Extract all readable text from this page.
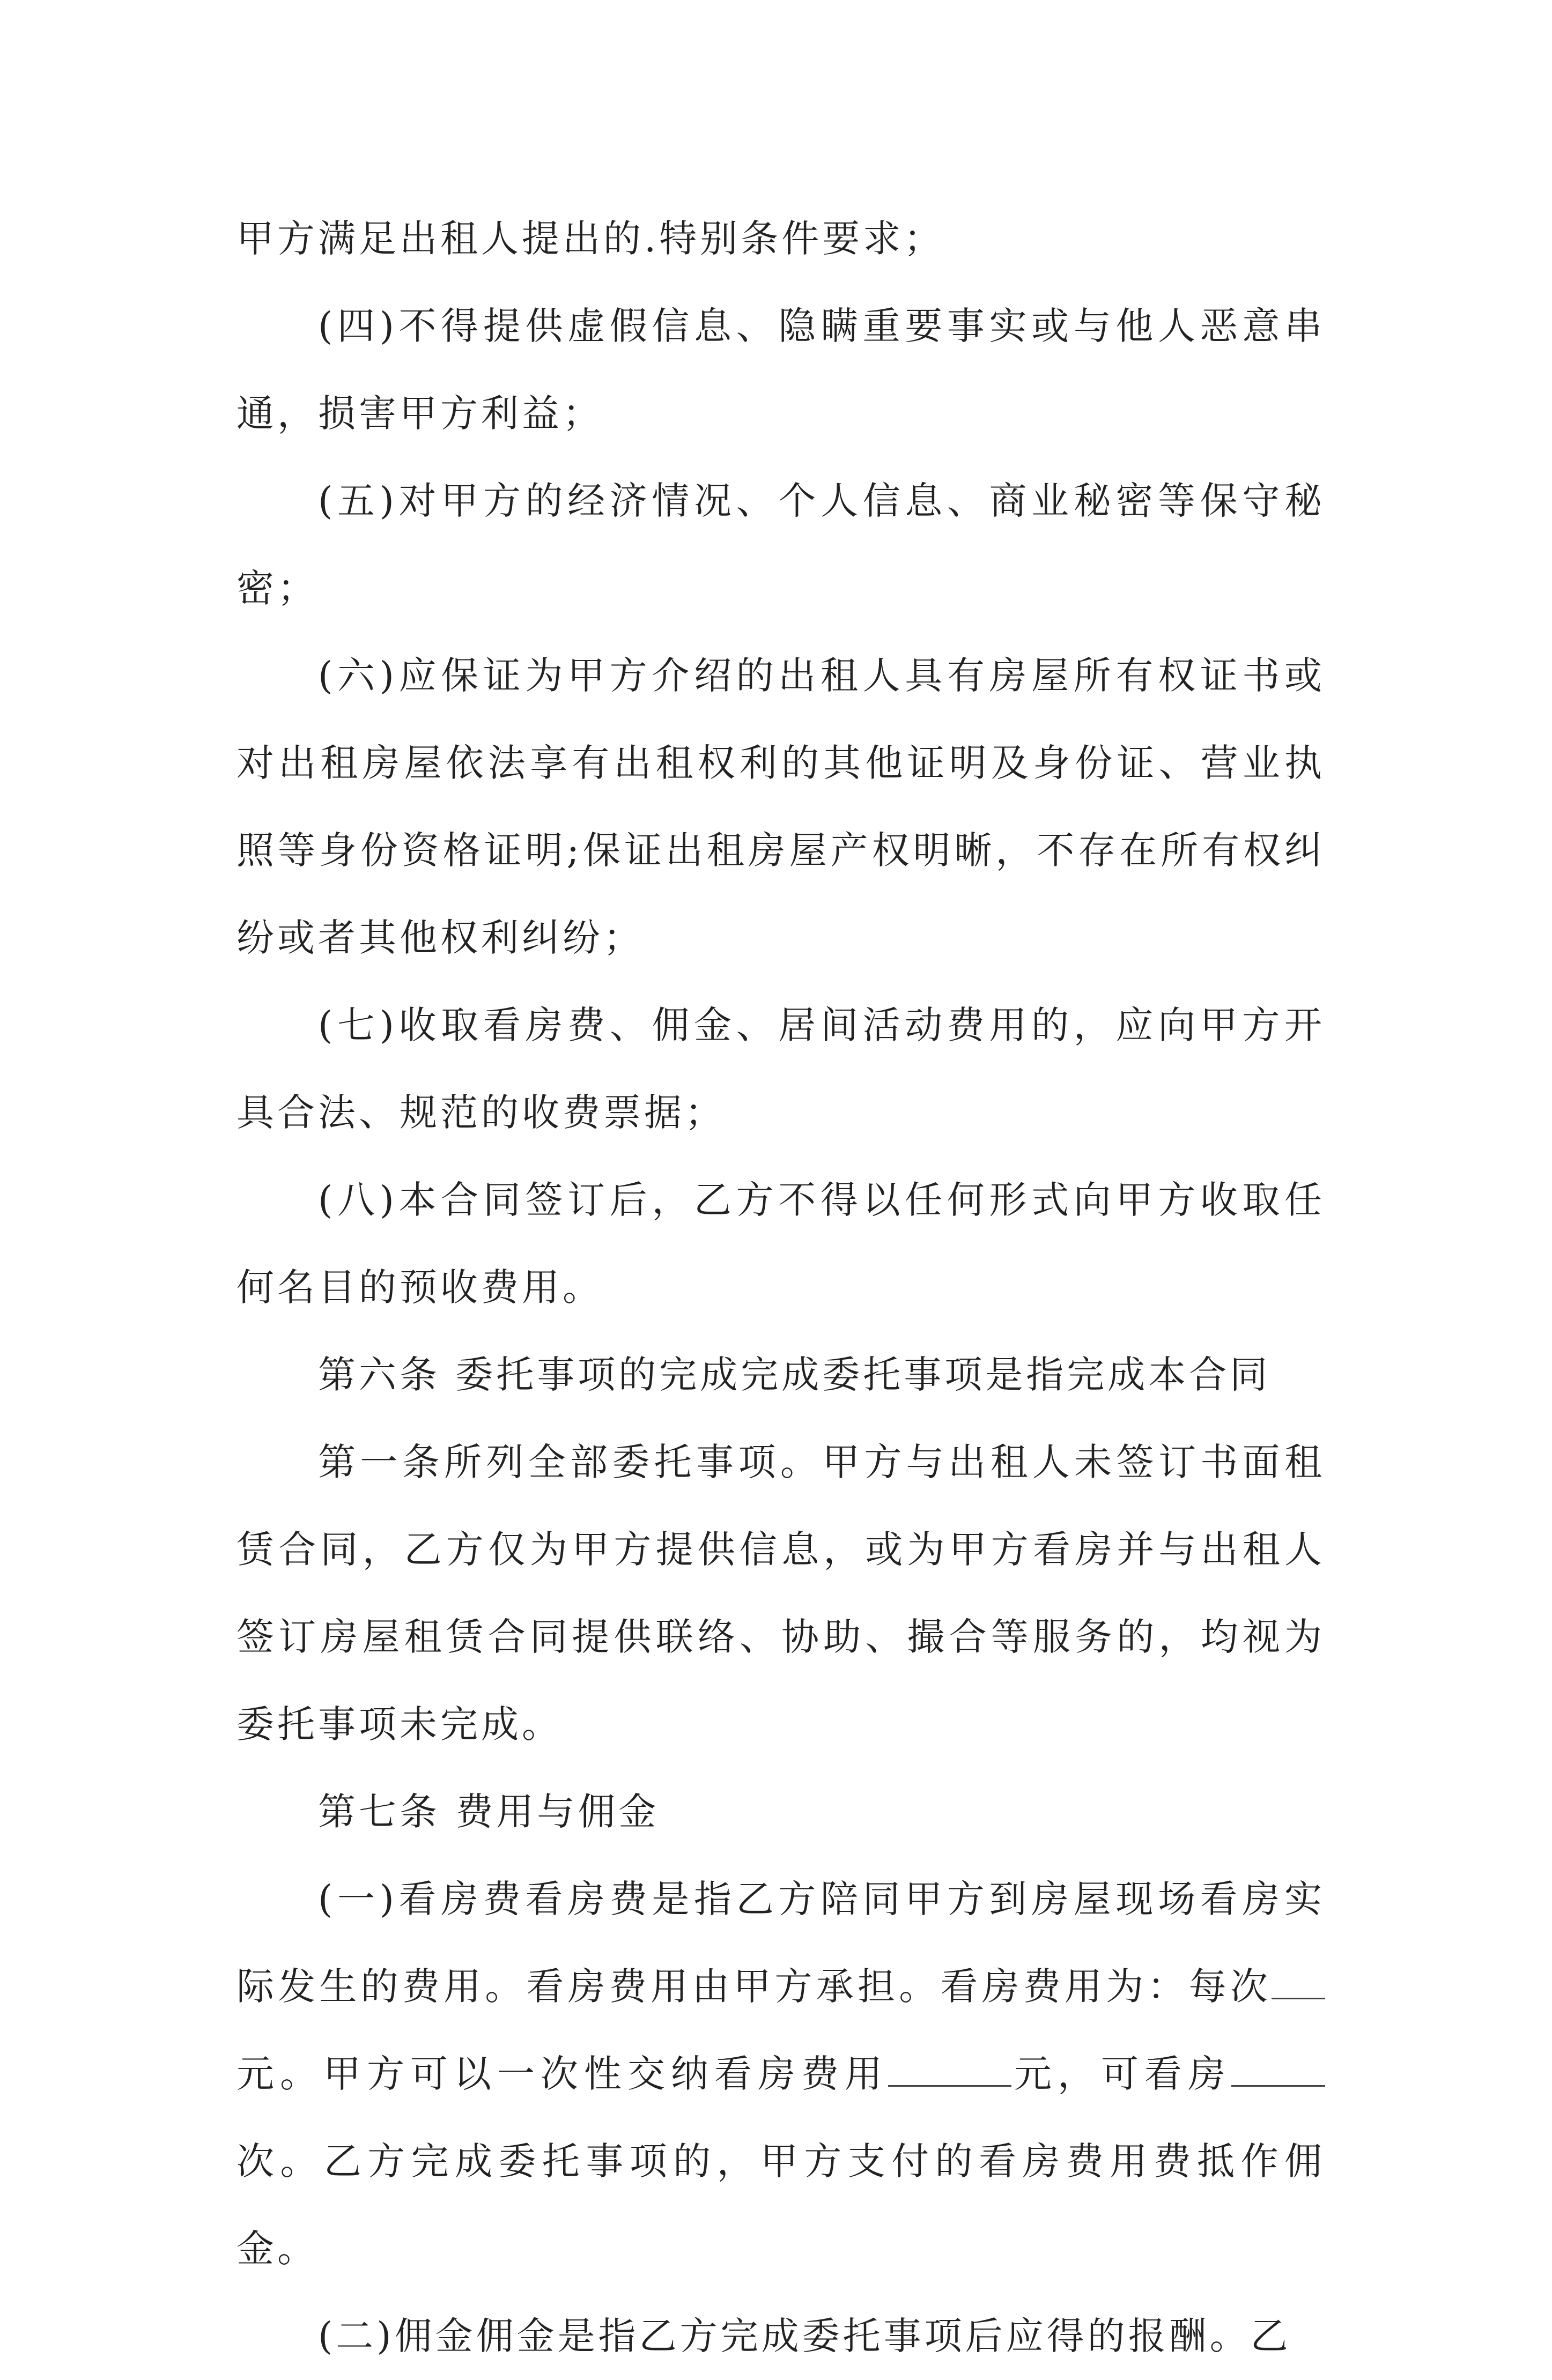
甲方满足出租人提出的.特别条件要求；

(四)不得提供虚假信息、隐瞒重要事实或与他人恶意串通，损害甲方利益；

(五)对甲方的经济情况、个人信息、商业秘密等保守秘密；

(六)应保证为甲方介绍的出租人具有房屋所有权证书或对出租房屋依法享有出租权利的其他证明及身份证、营业执照等身份资格证明;保证出租房屋产权明晰，不存在所有权纠纷或者其他权利纠纷；

(七)收取看房费、佣金、居间活动费用的，应向甲方开具合法、规范的收费票据；

(八)本合同签订后，乙方不得以任何形式向甲方收取任何名目的预收费用。

第六条 委托事项的完成完成委托事项是指完成本合同

第一条所列全部委托事项。甲方与出租人未签订书面租赁合同，乙方仅为甲方提供信息，或为甲方看房并与出租人签订房屋租赁合同提供联络、协助、撮合等服务的，均视为委托事项未完成。

第七条 费用与佣金

(一)看房费看房费是指乙方陪同甲方到房屋现场看房实际发生的费用。看房费用由甲方承担。看房费用为：每次元。甲方可以一次性交纳看房费用	元，可看房次。乙方完成委托事项的，甲方支付的看房费用费抵作佣金。

(二)佣金佣金是指乙方完成委托事项后应得的报酬。乙
